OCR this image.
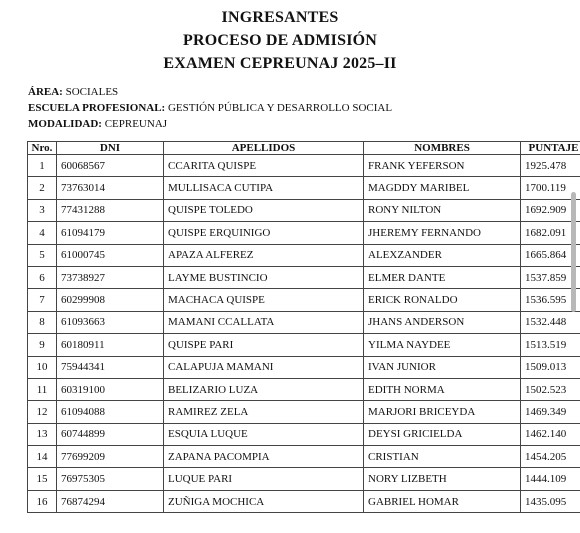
INGRESANTES
PROCESO DE ADMISIÓN
EXAMEN CEPREUNAJ 2025–II
ÁREA: SOCIALES
ESCUELA PROFESIONAL: GESTIÓN PÚBLICA Y DESARROLLO SOCIAL
MODALIDAD: CEPREUNAJ
Nro.	DNI	APELLIDOS	NOMBRES	PUNTAJE
1	60068567	CCARITA QUISPE	FRANK YEFERSON	1925.478
2	73763014	MULLISACA CUTIPA	MAGDDY MARIBEL	1700.119
3	77431288	QUISPE TOLEDO	RONY NILTON	1692.909
4	61094179	QUISPE ERQUINIGO	JHEREMY FERNANDO	1682.091
5	61000745	APAZA ALFEREZ	ALEXZANDER	1665.864
6	73738927	LAYME BUSTINCIO	ELMER DANTE	1537.859
7	60299908	MACHACA QUISPE	ERICK RONALDO	1536.595
8	61093663	MAMANI CCALLATA	JHANS ANDERSON	1532.448
9	60180911	QUISPE PARI	YILMA NAYDEE	1513.519
10	75944341	CALAPUJA MAMANI	IVAN JUNIOR	1509.013
11	60319100	BELIZARIO LUZA	EDITH NORMA	1502.523
12	61094088	RAMIREZ ZELA	MARJORI BRICEYDA	1469.349
13	60744899	ESQUIA LUQUE	DEYSI GRICIELDA	1462.140
14	77699209	ZAPANA PACOMPIA	CRISTIAN	1454.205
15	76975305	LUQUE PARI	NORY LIZBETH	1444.109
16	76874294	ZUÑIGA MOCHICA	GABRIEL HOMAR	1435.095
